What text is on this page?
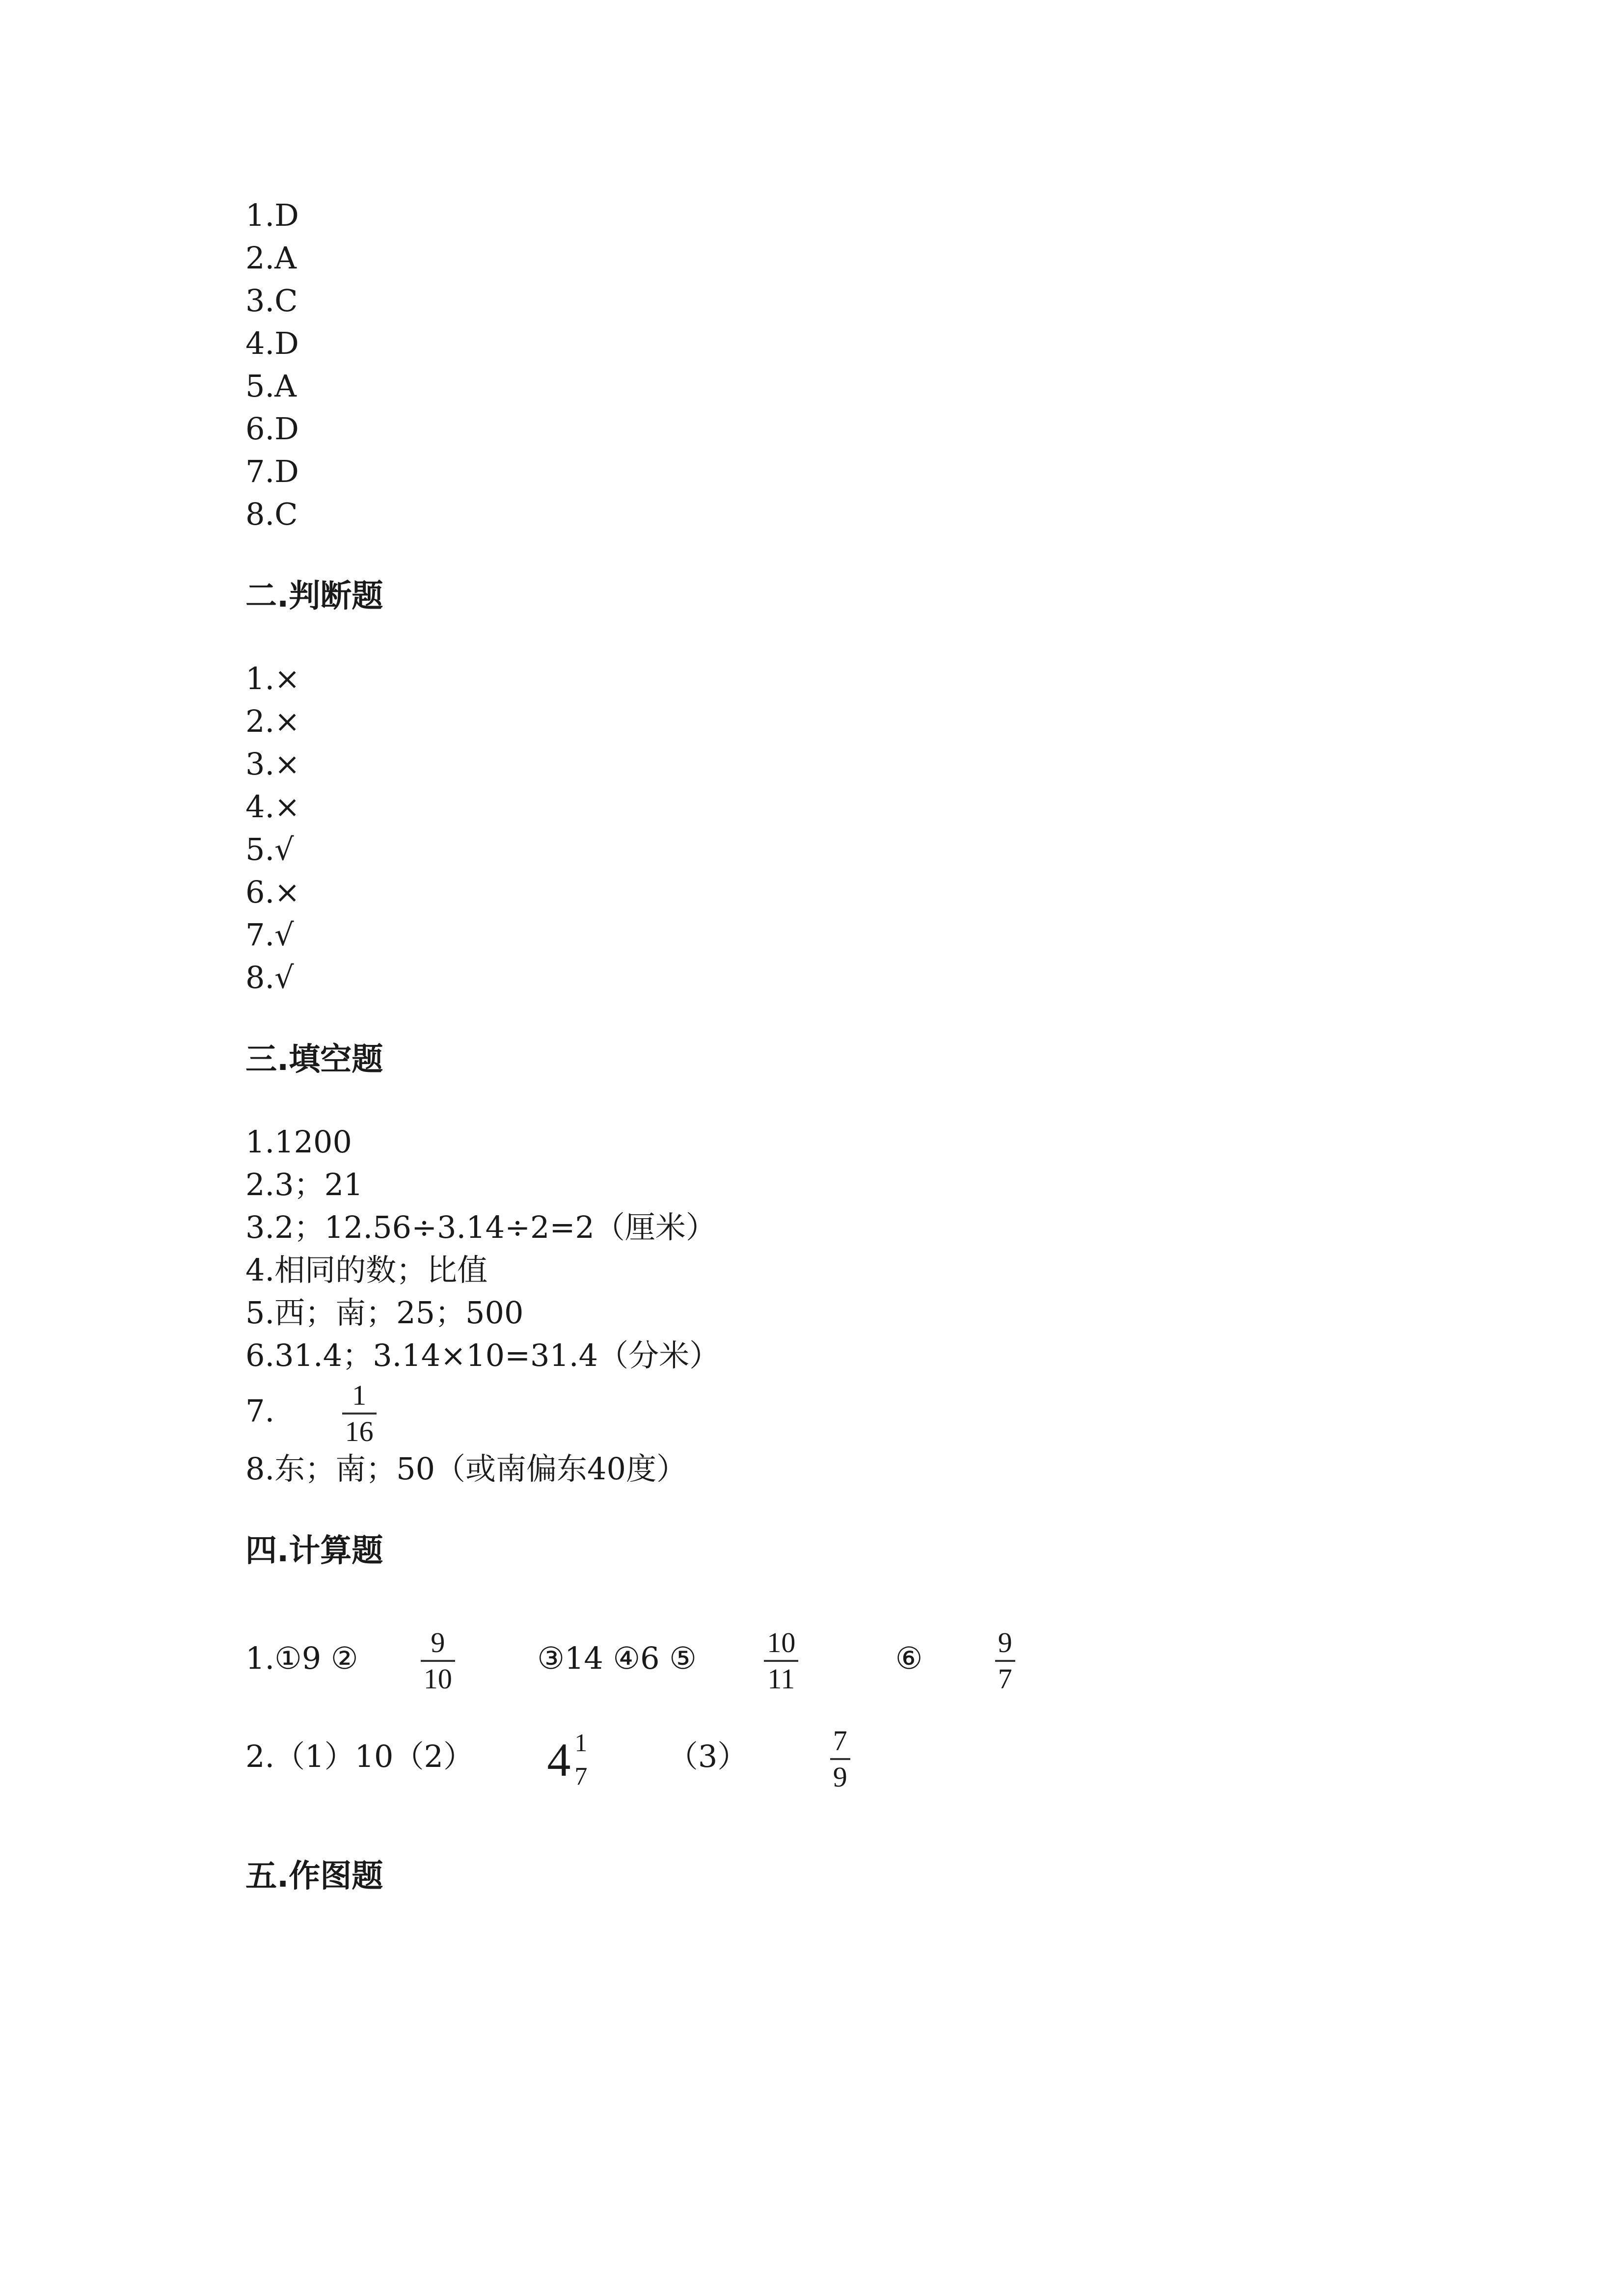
1.D
2.A
3.C
4.D
5.A
6.D
7.D
8.C
二.判断题
1.×
2.×
3.×
4.×
5.√
6.×
7.√
8.√
三.填空题
1.1200
2.3；21
3.2；12.56÷3.14÷2=2（厘米）
4.相同的数；比值
5.西；南；25；500
6.31.4；3.14×10=31.4（分米）
7. $\frac{1}{16}$
8.东；南；50（或南偏东40度）
四.计算题
1.①9 ② $\frac{9}{10}$	③14 ④6 ⑤ $\frac{10}{11}$	⑥	$\frac{9}{7}$
2.（1）10（2） 4 1
7
（3）	$\frac{7}{9}$
五.作图题
